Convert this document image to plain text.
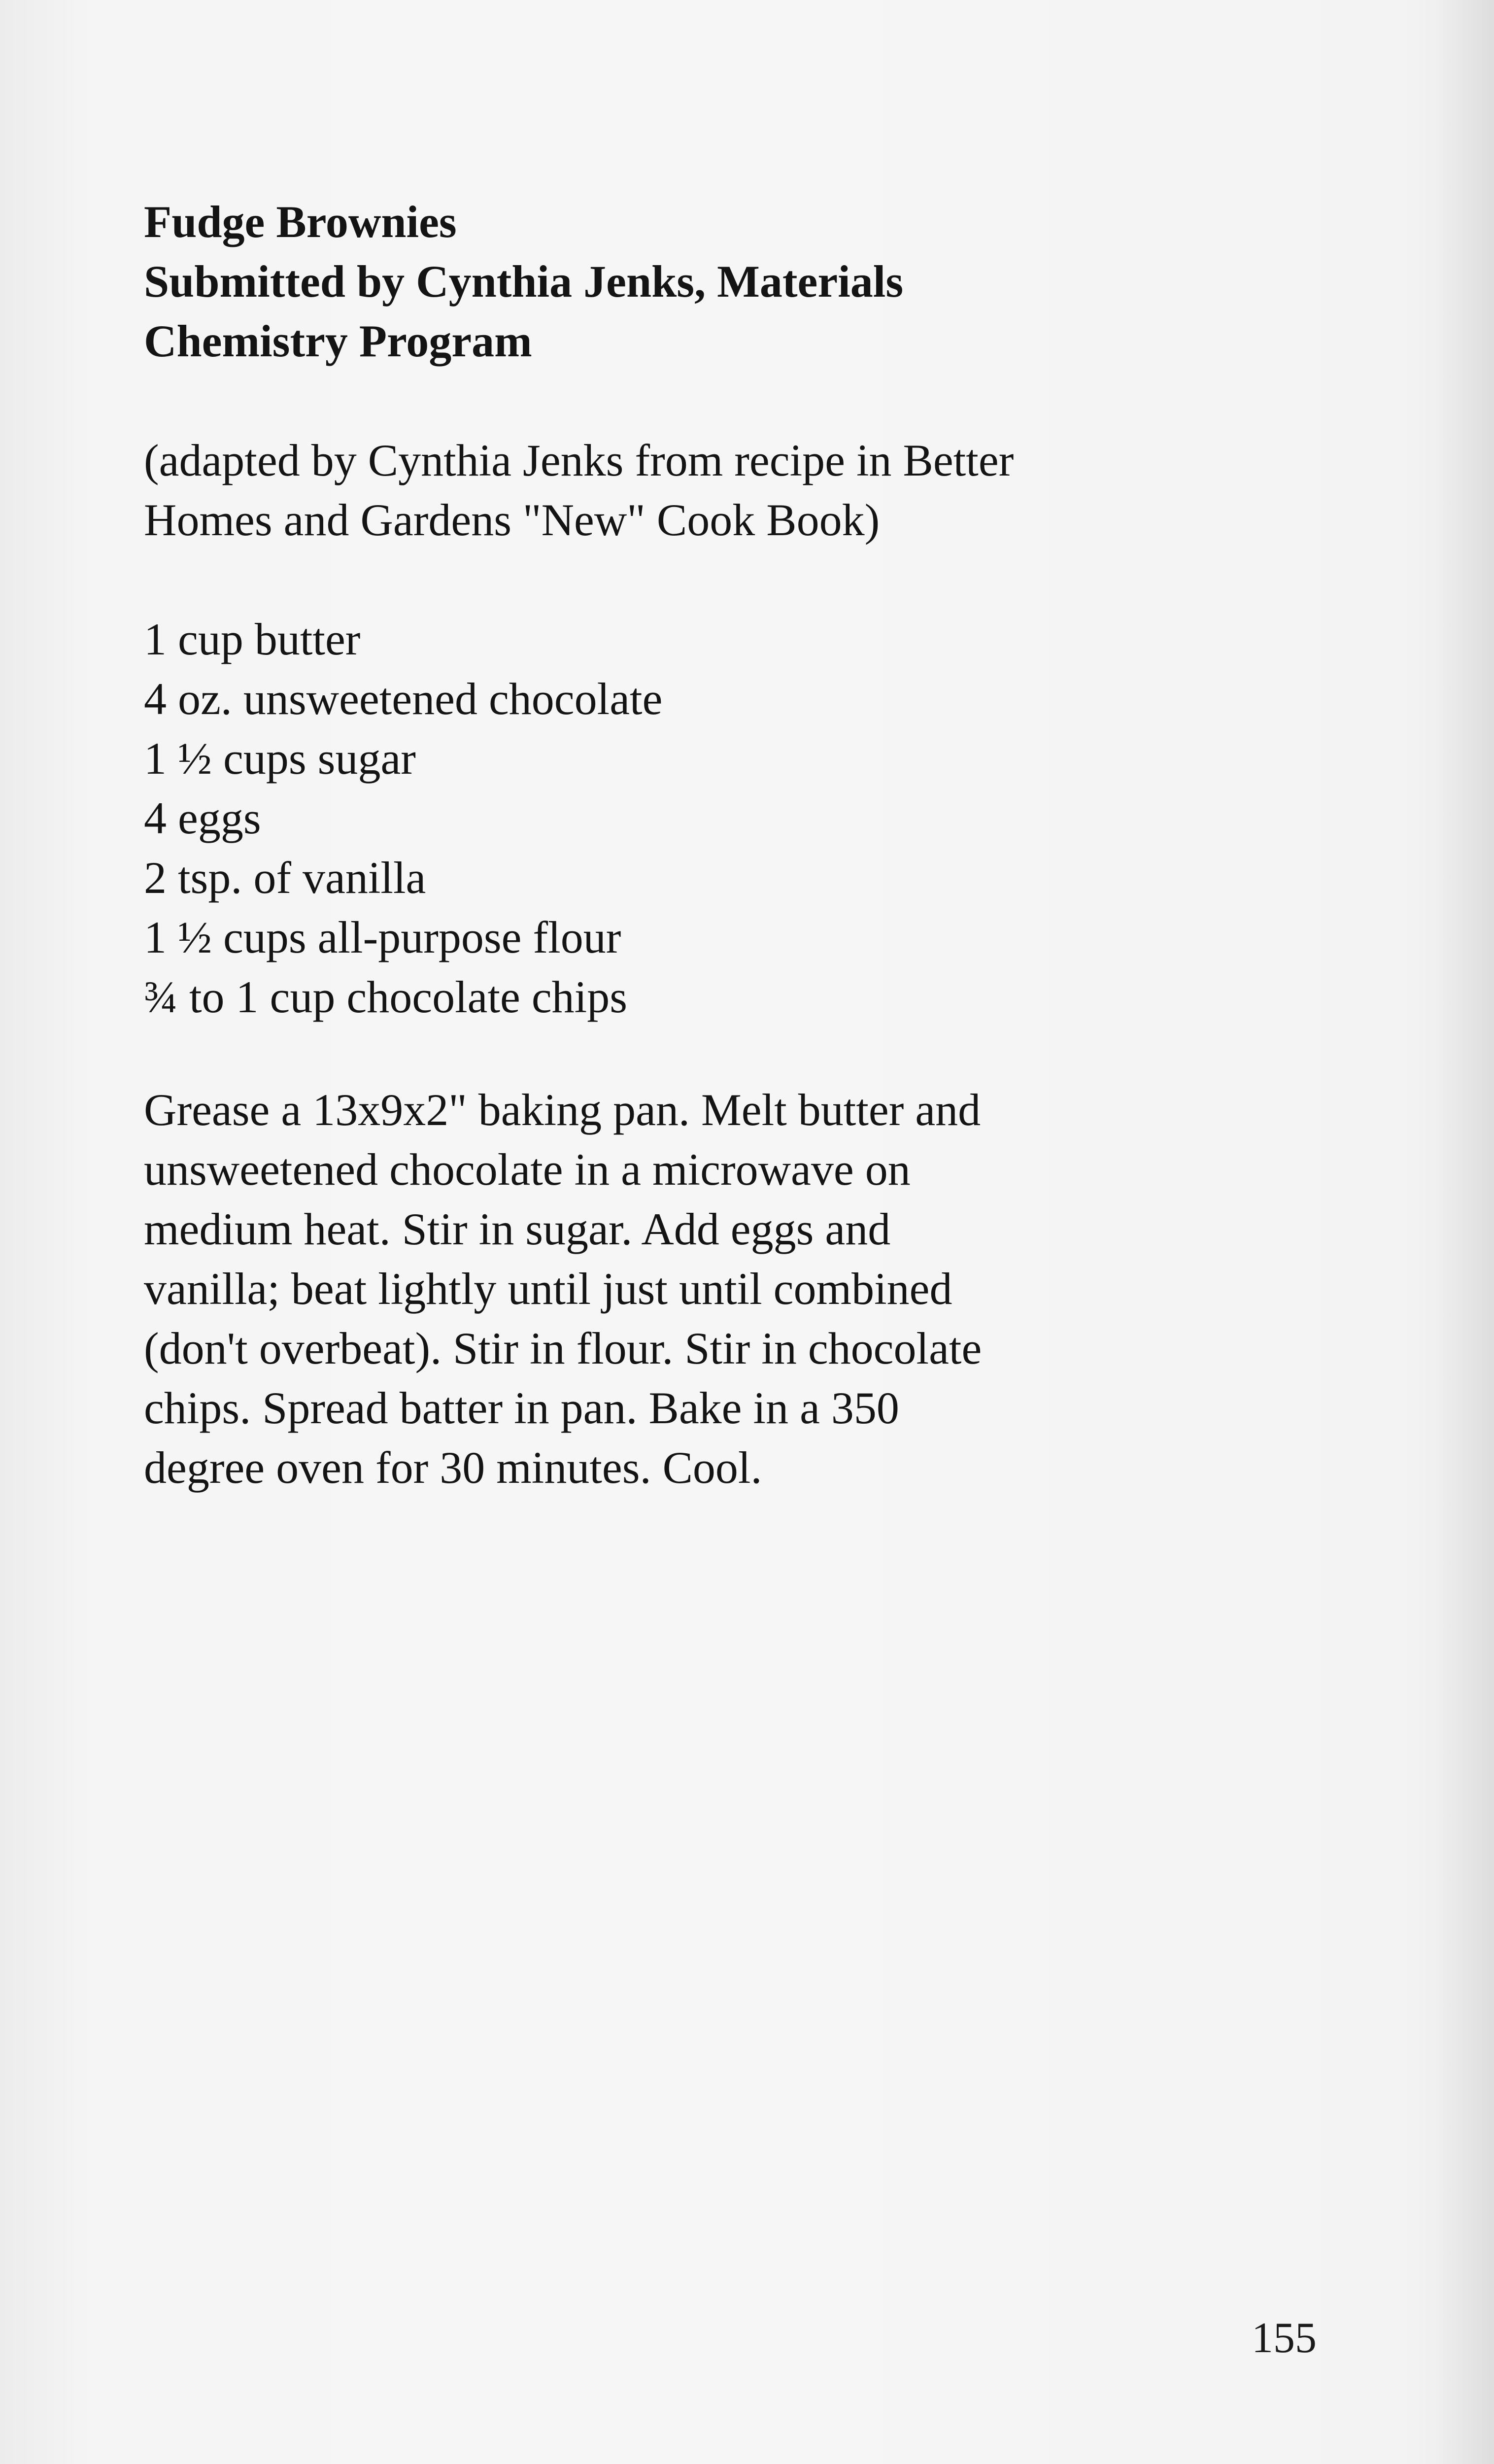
Fudge Brownies
Submitted by Cynthia Jenks, Materials
Chemistry Program
(adapted by Cynthia Jenks from recipe in Better
Homes and Gardens "New" Cook Book)
1 cup butter
4 oz. unsweetened chocolate
1 ½ cups sugar
4 eggs
2 tsp. of vanilla
1 ½ cups all-purpose flour
¾ to 1 cup chocolate chips
Grease a 13x9x2" baking pan. Melt butter and
unsweetened chocolate in a microwave on
medium heat. Stir in sugar. Add eggs and
vanilla; beat lightly until just until combined
(don't overbeat). Stir in flour. Stir in chocolate
chips. Spread batter in pan. Bake in a 350
degree oven for 30 minutes. Cool.
155
